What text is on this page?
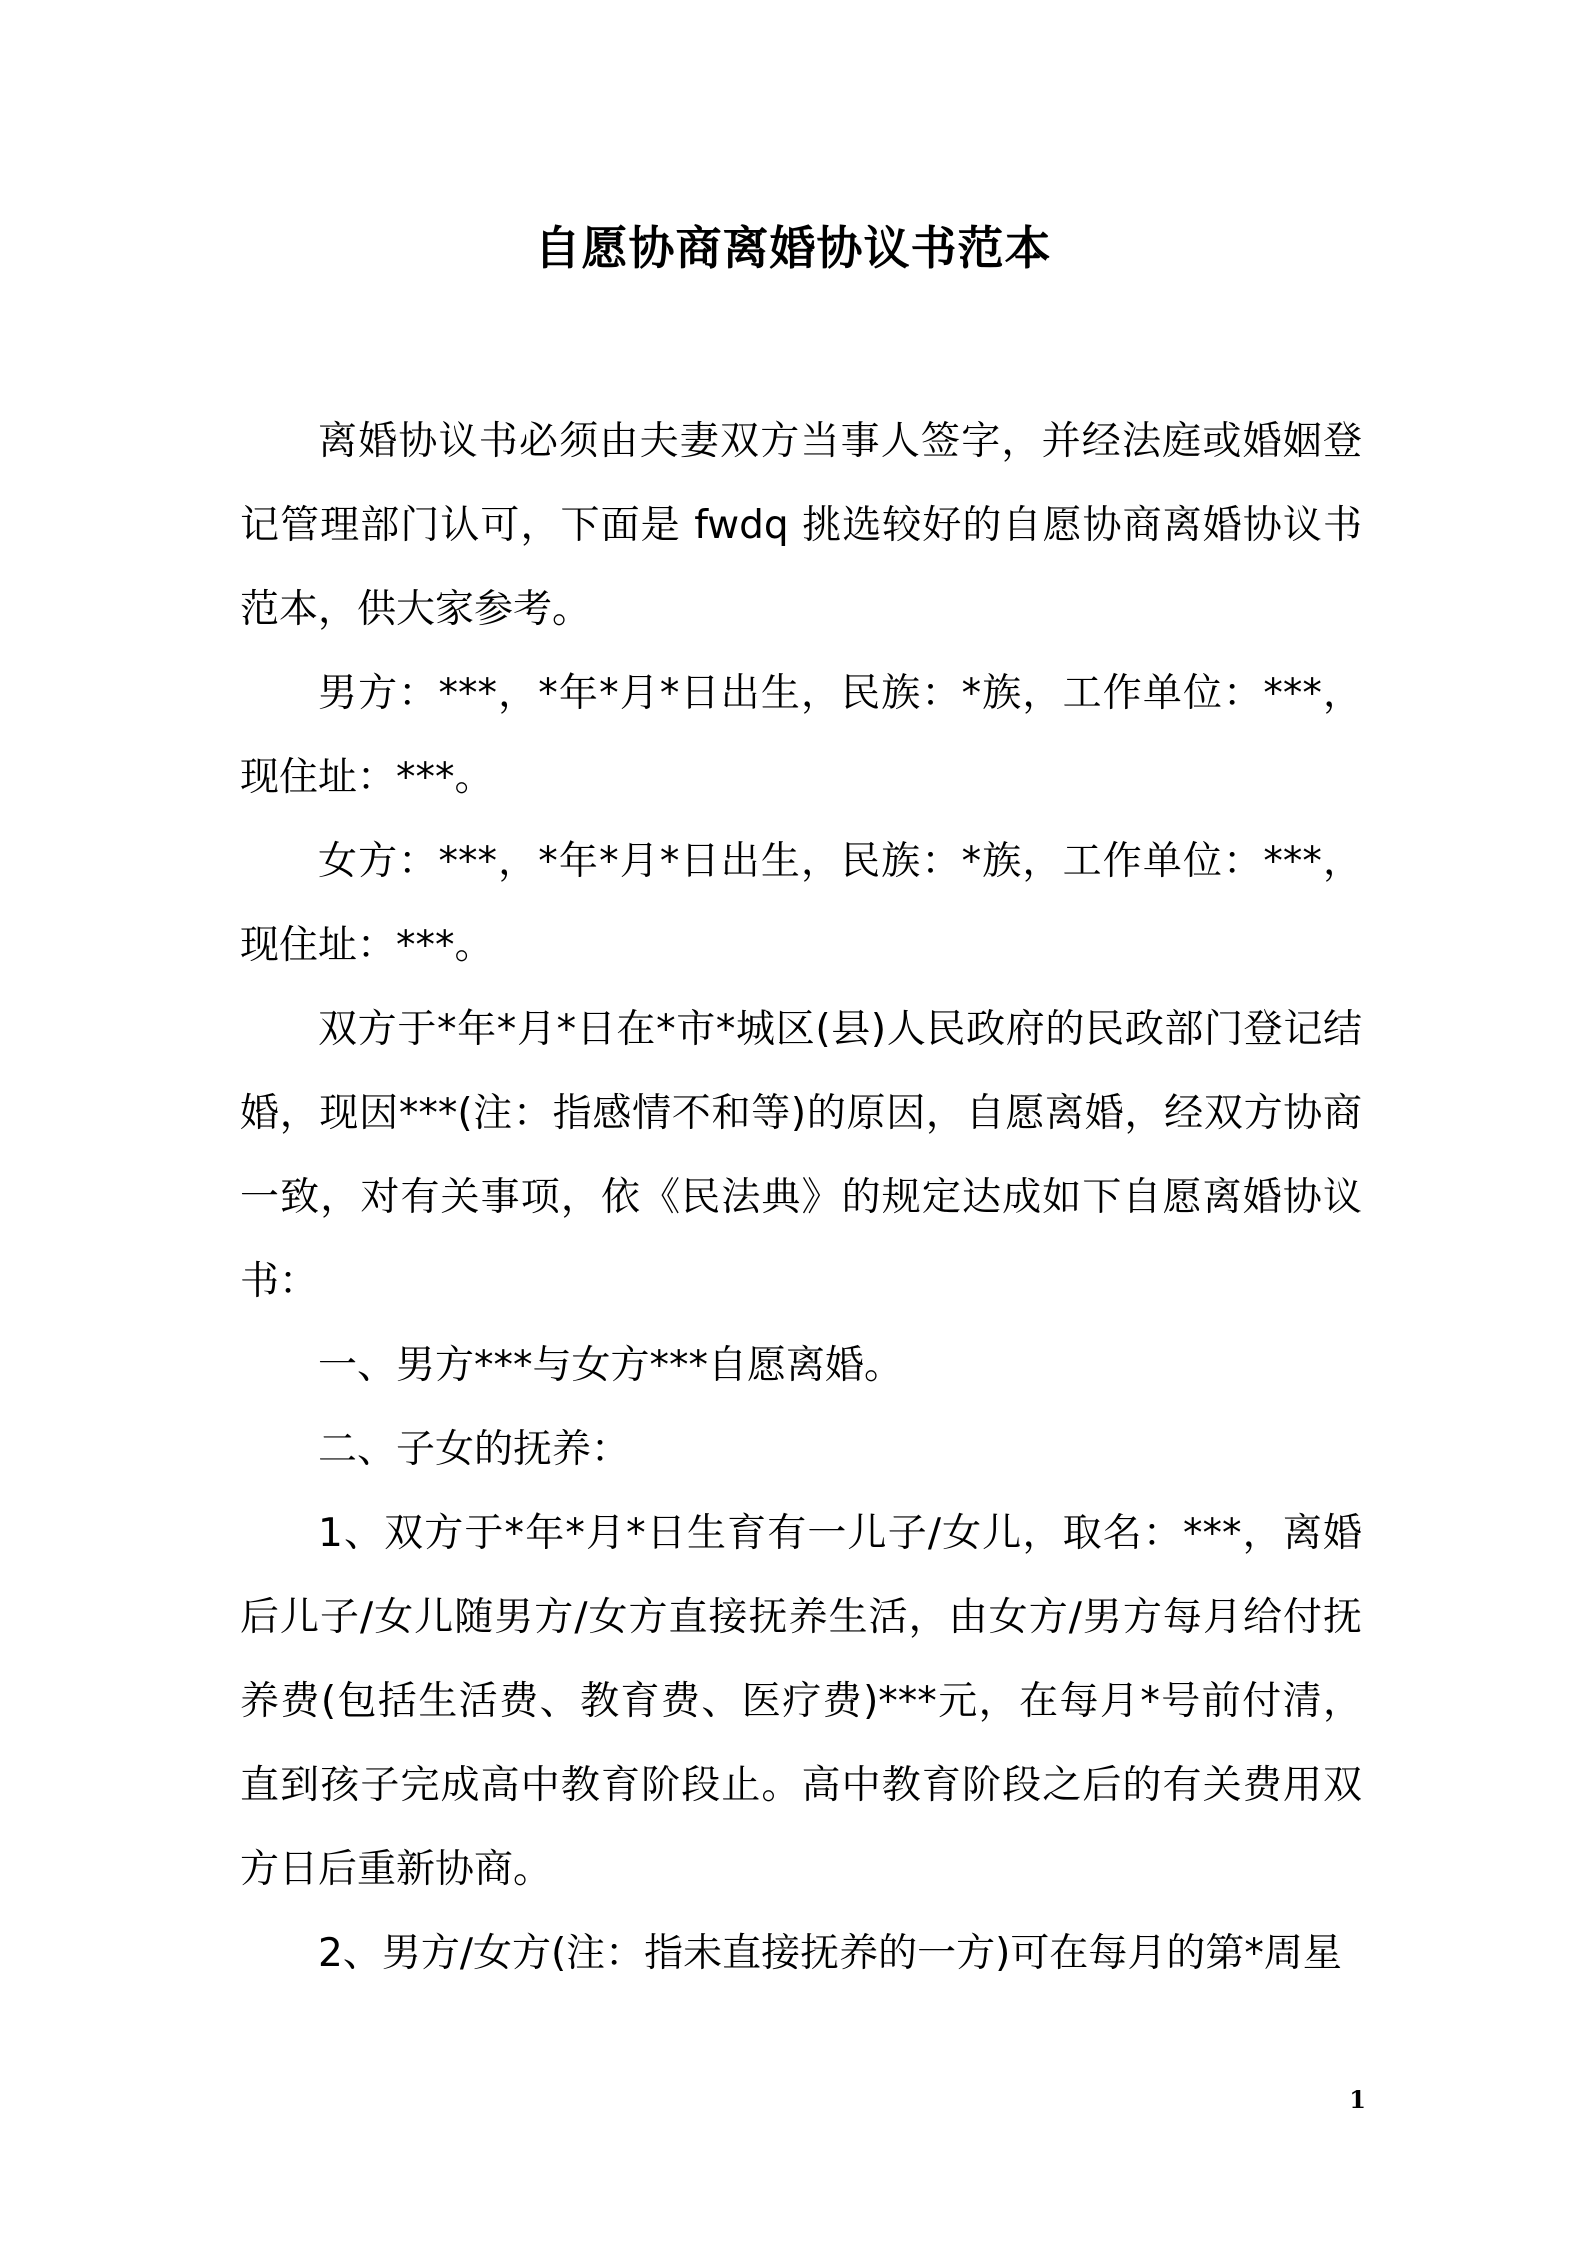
自愿协商离婚协议书范本

离婚协议书必须由夫妻双方当事人签字，并经法庭或婚姻登记管理部门认可，下面是 fwdq 挑选较好的自愿协商离婚协议书范本，供大家参考。

男方：***，*年*月*日出生，民族：*族，工作单位：***，现住址：***。

女方：***，*年*月*日出生，民族：*族，工作单位：***，现住址：***。

双方于*年*月*日在*市*城区(县)人民政府的民政部门登记结婚，现因***(注：指感情不和等)的原因，自愿离婚，经双方协商一致，对有关事项，依《民法典》的规定达成如下自愿离婚协议书：

一、男方***与女方***自愿离婚。

二、子女的抚养：

1、双方于*年*月*日生育有一儿子/女儿，取名：***，离婚后儿子/女儿随男方/女方直接抚养生活，由女方/男方每月给付抚养费(包括生活费、教育费、医疗费)***元，在每月*号前付清，直到孩子完成高中教育阶段止。高中教育阶段之后的有关费用双方日后重新协商。

2、男方/女方(注：指未直接抚养的一方)可在每月的第*周星

1
